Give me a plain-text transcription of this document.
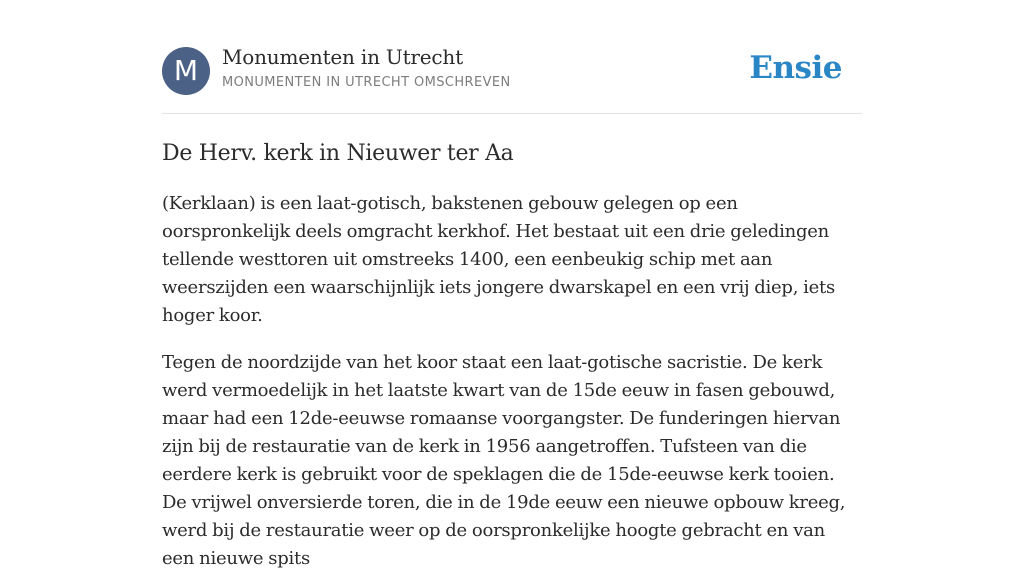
M	Monumenten in Utrecht
MONUMENTEN IN UTRECHT OMSCHREVEN	Ensie
De Herv. kerk in Nieuwer ter Aa

(Kerklaan) is een laat-gotisch, bakstenen gebouw gelegen op een oorspronkelijk deels omgracht kerkhof. Het bestaat uit een drie geledingen tellende westtoren uit omstreeks 1400, een eenbeukig schip met aan weerszijden een waarschijnlijk iets jongere dwarskapel en een vrij diep, iets hoger koor.

Tegen de noordzijde van het koor staat een laat-gotische sacristie. De kerk werd vermoedelijk in het laatste kwart van de 15de eeuw in fasen gebouwd, maar had een 12de-eeuwse romaanse voorgangster. De funderingen hiervan zijn bij de restauratie van de kerk in 1956 aangetroffen. Tufsteen van die eerdere kerk is gebruikt voor de speklagen die de 15de-eeuwse kerk tooien. De vrijwel onversierde toren, die in de 19de eeuw een nieuwe opbouw kreeg, werd bij de restauratie weer op de oorspronkelijke hoogte gebracht en van een nieuwe spits
